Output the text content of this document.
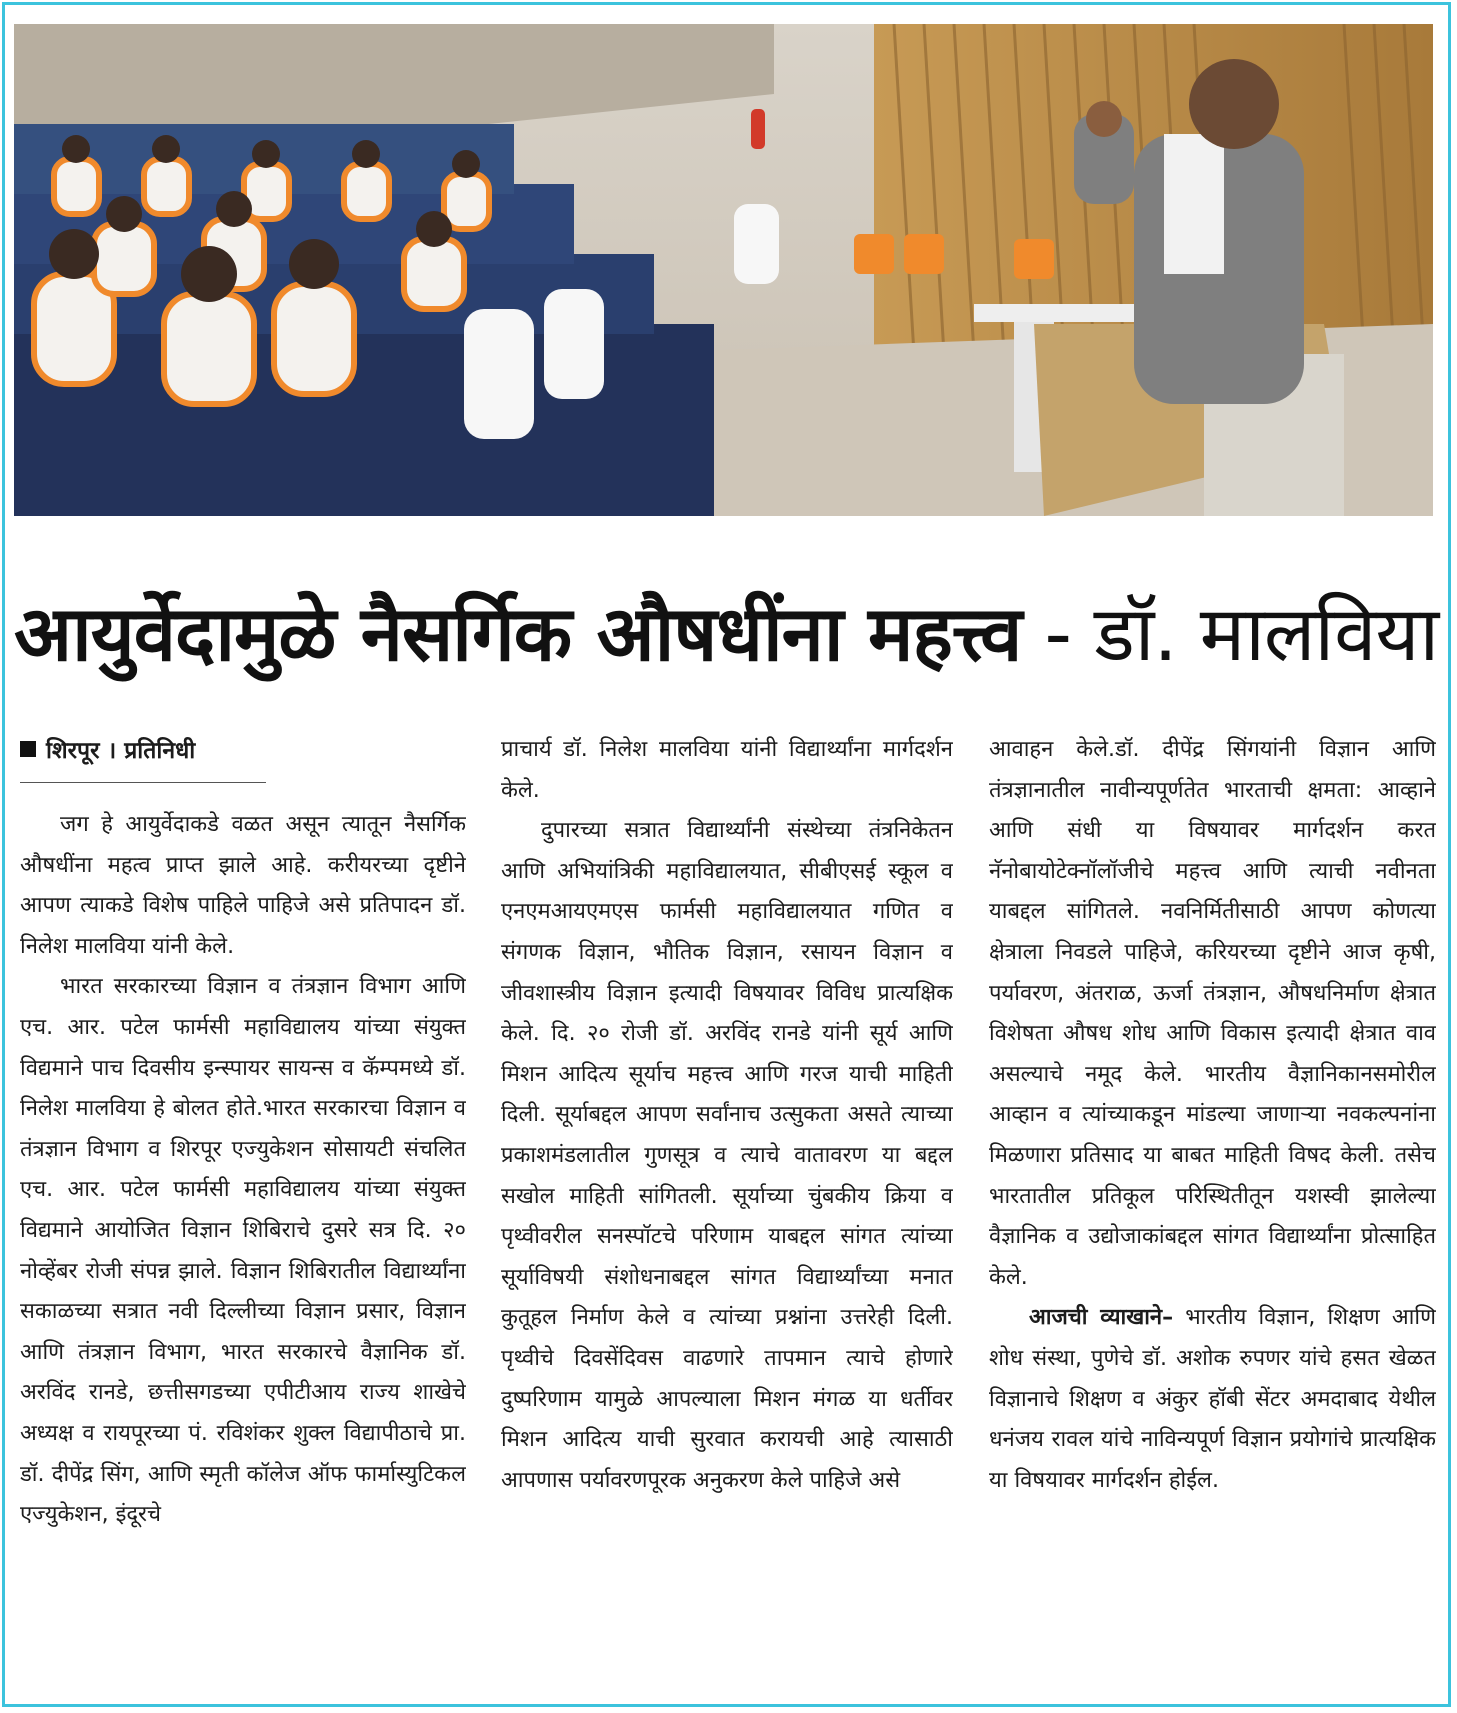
आयुर्वेदामुळे नैसर्गिक औषधींना महत्त्व - डॉ. मालविया
शिरपूर । प्रतिनिधी

जग हे आयुर्वेदाकडे वळत असून त्यातून नैसर्गिक औषधींना महत्व प्राप्त झाले आहे. करीयरच्या दृष्टीने आपण त्याकडे विशेष पाहिले पाहिजे असे प्रतिपादन डॉ. निलेश मालविया यांनी केले.

भारत सरकारच्या विज्ञान व तंत्रज्ञान विभाग आणि एच. आर. पटेल फार्मसी महाविद्यालय यांच्या संयुक्त विद्यमाने पाच दिवसीय इन्स्पायर सायन्स व कॅम्पमध्ये डॉ. निलेश मालविया हे बोलत होते.भारत सरकारचा विज्ञान व तंत्रज्ञान विभाग व शिरपूर एज्युकेशन सोसायटी संचलित एच. आर. पटेल फार्मसी महाविद्यालय यांच्या संयुक्त विद्यमाने आयोजित विज्ञान शिबिराचे दुसरे सत्र दि. २० नोव्हेंबर रोजी संपन्न झाले. विज्ञान शिबिरातील विद्यार्थ्यांना सकाळच्या सत्रात नवी दिल्लीच्या विज्ञान प्रसार, विज्ञान आणि तंत्रज्ञान विभाग, भारत सरकारचे वैज्ञानिक डॉ. अरविंद रानडे, छत्तीसगडच्या एपीटीआय राज्य शाखेचे अध्यक्ष व रायपूरच्या पं. रविशंकर शुक्ल विद्यापीठाचे प्रा. डॉ. दीपेंद्र सिंग, आणि स्मृती कॉलेज ऑफ फार्मास्युटिकल एज्युकेशन, इंदूरचे

प्राचार्य डॉ. निलेश मालविया यांनी विद्यार्थ्यांना मार्गदर्शन केले.

दुपारच्या सत्रात विद्यार्थ्यांनी संस्थेच्या तंत्रनिकेतन आणि अभियांत्रिकी महाविद्यालयात, सीबीएसई स्कूल व एनएमआयएमएस फार्मसी महाविद्यालयात गणित व संगणक विज्ञान, भौतिक विज्ञान, रसायन विज्ञान व जीवशास्त्रीय विज्ञान इत्यादी विषयावर विविध प्रात्यक्षिक केले. दि. २० रोजी डॉ. अरविंद रानडे यांनी सूर्य आणि मिशन आदित्य सूर्याच महत्त्व आणि गरज याची माहिती दिली. सूर्याबद्दल आपण सर्वांनाच उत्सुकता असते त्याच्या प्रकाशमंडलातील गुणसूत्र व त्याचे वातावरण या बद्दल सखोल माहिती सांगितली. सूर्याच्या चुंबकीय क्रिया व पृथ्वीवरील सनस्पॉटचे परिणाम याबद्दल सांगत त्यांच्या सूर्याविषयी संशोधनाबद्दल सांगत विद्यार्थ्यांच्या मनात कुतूहल निर्माण केले व त्यांच्या प्रश्नांना उत्तरेही दिली. पृथ्वीचे दिवसेंदिवस वाढणारे तापमान त्याचे होणारे दुष्परिणाम यामुळे आपल्याला मिशन मंगळ या धर्तीवर मिशन आदित्य याची सुरवात करायची आहे त्यासाठी आपणास पर्यावरणपूरक अनुकरण केले पाहिजे असे

आवाहन केले.डॉ. दीपेंद्र सिंगयांनी विज्ञान आणि तंत्रज्ञानातील नावीन्यपूर्णतेत भारताची क्षमता: आव्हाने आणि संधी या विषयावर मार्गदर्शन करत नॅनोबायोटेक्नॉलॉजीचे महत्त्व आणि त्याची नवीनता याबद्दल सांगितले. नवनिर्मितीसाठी आपण कोणत्या क्षेत्राला निवडले पाहिजे, करियरच्या दृष्टीने आज कृषी, पर्यावरण, अंतराळ, ऊर्जा तंत्रज्ञान, औषधनिर्माण क्षेत्रात विशेषता औषध शोध आणि विकास इत्यादी क्षेत्रात वाव असल्याचे नमूद केले. भारतीय वैज्ञानिकानसमोरील आव्हान व त्यांच्याकडून मांडल्या जाणाऱ्या नवकल्पनांना मिळणारा प्रतिसाद या बाबत माहिती विषद केली. तसेच भारतातील प्रतिकूल परिस्थितीतून यशस्वी झालेल्या वैज्ञानिक व उद्योजाकांबद्दल सांगत विद्यार्थ्यांना प्रोत्साहित केले.

आजची व्याखाने– भारतीय विज्ञान, शिक्षण आणि शोध संस्था, पुणेचे डॉ. अशोक रुपणर यांचे हसत खेळत विज्ञानाचे शिक्षण व अंकुर हॉबी सेंटर अमदाबाद येथील धनंजय रावल यांचे नाविन्यपूर्ण विज्ञान प्रयोगांचे प्रात्यक्षिक या विषयावर मार्गदर्शन होईल.
